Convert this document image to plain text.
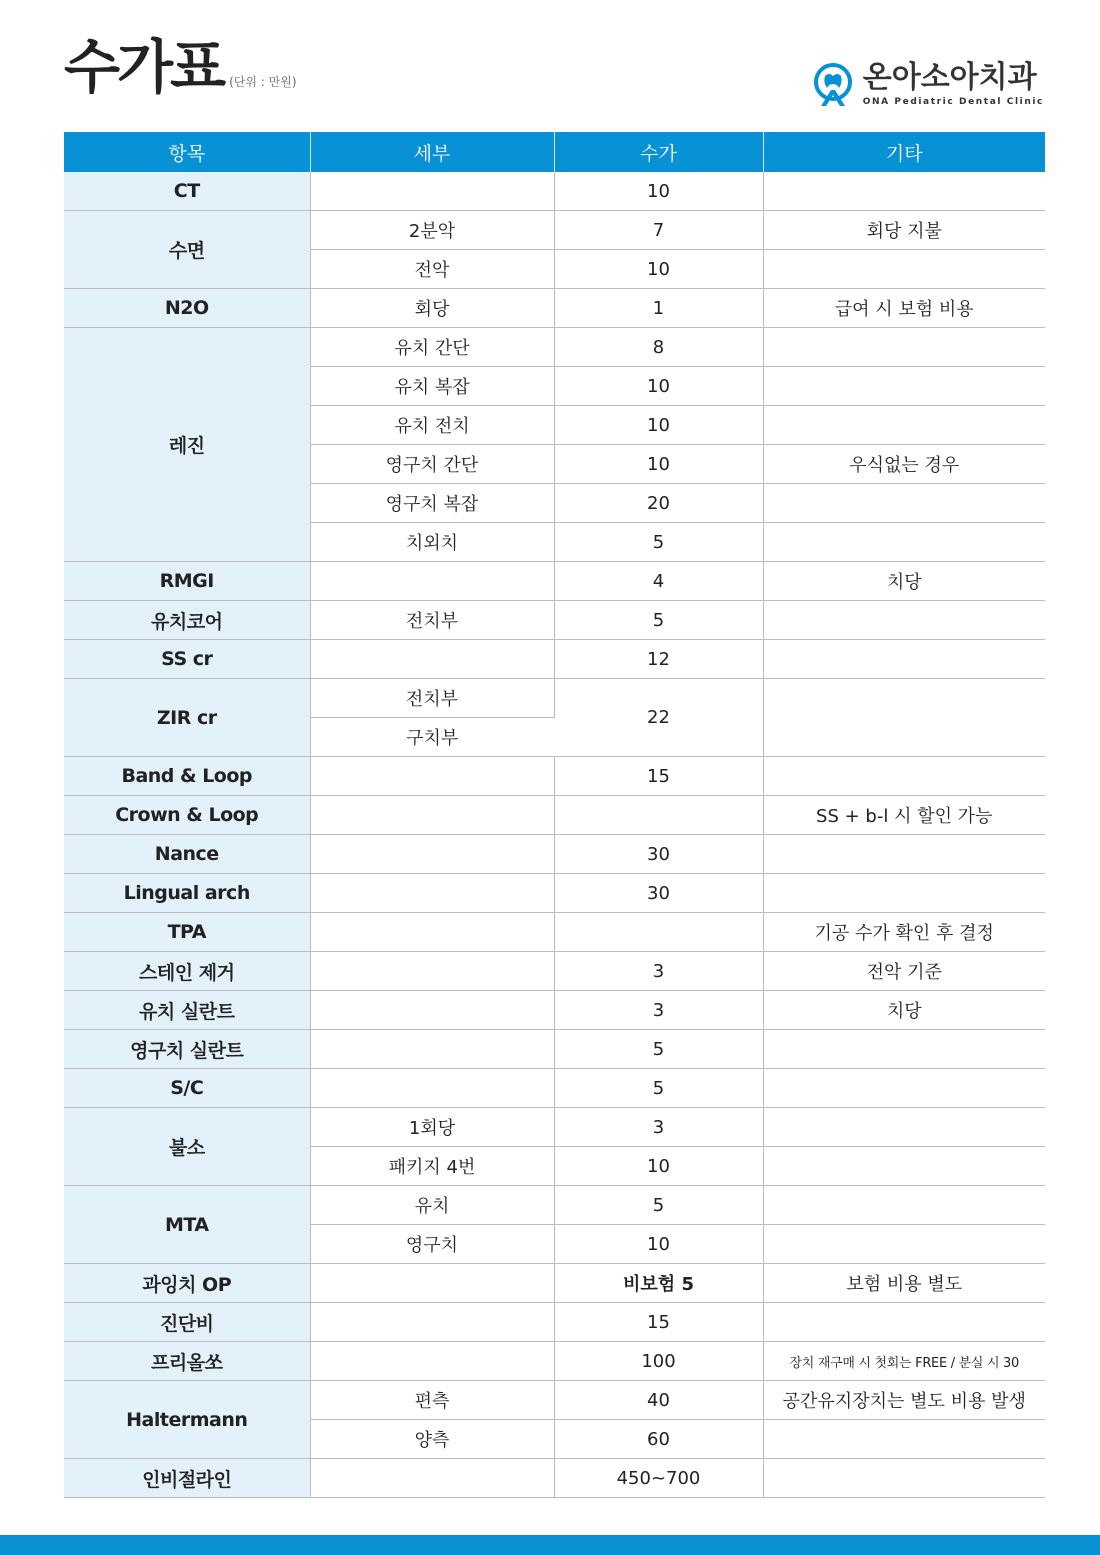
수가표 (단위 : 만원)	온아소아치과
ONA Pediatric Dental Clinic
항목	세부	수가	기타
CT		10	
수면	2분악	7	회당 지불
	전악	10	
N2O	회당	1	급여 시 보험 비용
레진	유치 간단	8	
	유치 복잡	10	
	유치 전치	10	
	영구치 간단	10	우식없는 경우
	영구치 복잡	20	
	치외치	5	
RMGI		4	치당
유치코어	전치부	5	
SS cr		12	
ZIR cr	전치부	22	
	구치부		
Band & Loop		15	
Crown & Loop			SS + b-l 시 할인 가능
Nance		30	
Lingual arch		30	
TPA			기공 수가 확인 후 결정
스테인 제거		3	전악 기준
유치 실란트		3	치당
영구치 실란트		5	
S/C		5	
불소	1회당	3	
	패키지 4번	10	
MTA	유치	5	
	영구치	10	
과잉치 OP		비보험 5	보험 비용 별도
진단비		15	
프리올쏘		100	장치 재구매 시 첫회는 FREE / 분실 시 30
Haltermann	편측	40	공간유지장치는 별도 비용 발생
	양측	60	
인비절라인		450~700	
